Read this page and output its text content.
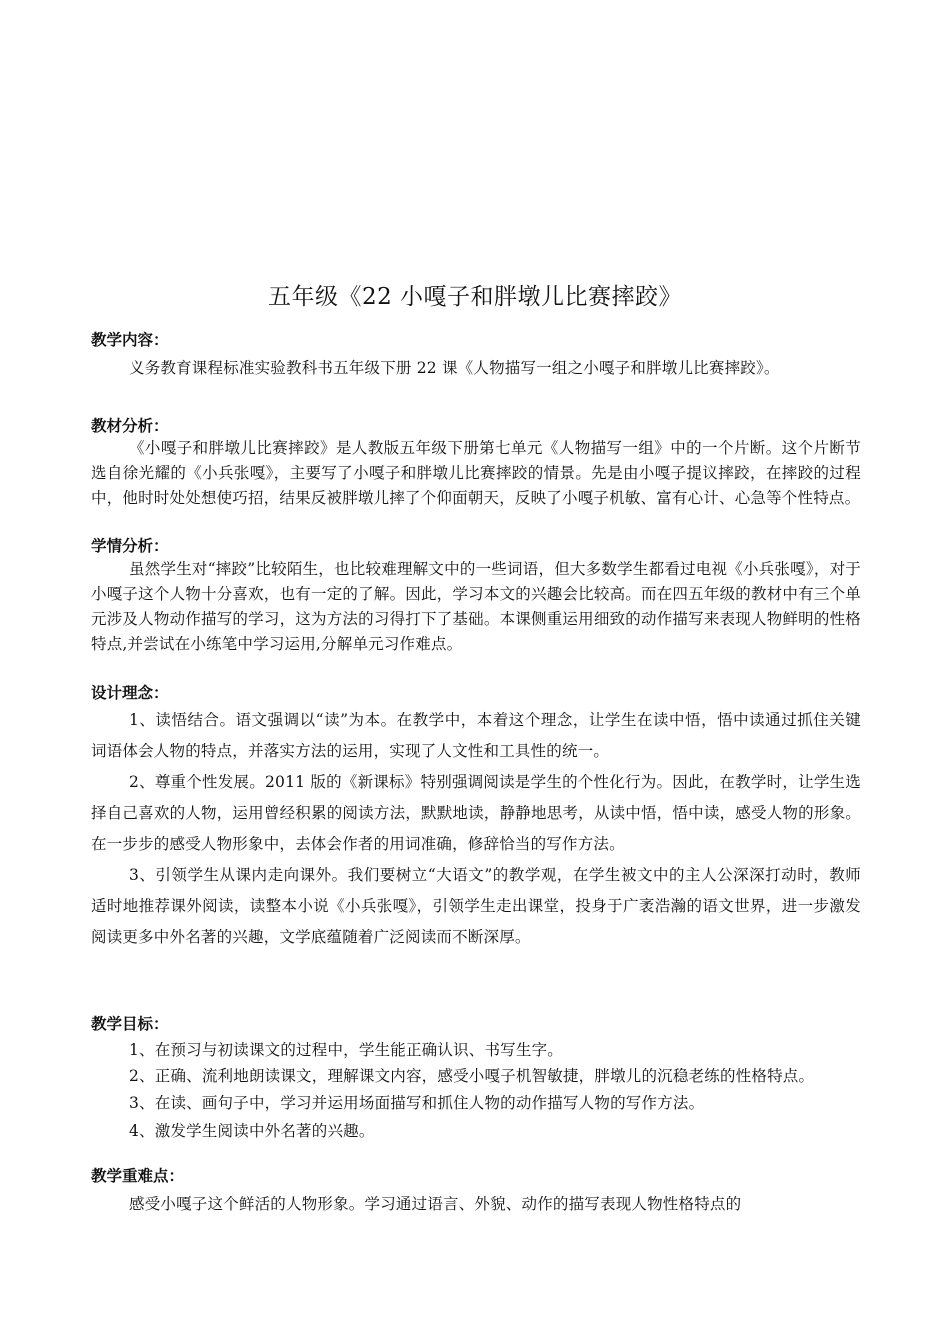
五年级《22 小嘎子和胖墩儿比赛摔跤》
教学内容：

义务教育课程标准实验教科书五年级下册 22 课《人物描写一组之小嘎子和胖墩儿比赛摔跤》。

教材分析：

《小嘎子和胖墩儿比赛摔跤》是人教版五年级下册第七单元《人物描写一组》中的一个片断。这个片断节选自徐光耀的《小兵张嘎》，主要写了小嘎子和胖墩儿比赛摔跤的情景。先是由小嘎子提议摔跤，在摔跤的过程中，他时时处处想使巧招，结果反被胖墩儿摔了个仰面朝天，反映了小嘎子机敏、富有心计、心急等个性特点。

学情分析：

虽然学生对“摔跤”比较陌生，也比较难理解文中的一些词语，但大多数学生都看过电视《小兵张嘎》，对于小嘎子这个人物十分喜欢，也有一定的了解。因此，学习本文的兴趣会比较高。而在四五年级的教材中有三个单元涉及人物动作描写的学习，这为方法的习得打下了基础。本课侧重运用细致的动作描写来表现人物鲜明的性格特点,并尝试在小练笔中学习运用,分解单元习作难点。

设计理念：

1、读悟结合。语文强调以“读”为本。在教学中，本着这个理念，让学生在读中悟，悟中读通过抓住关键词语体会人物的特点，并落实方法的运用，实现了人文性和工具性的统一。

2、尊重个性发展。2011 版的《新课标》特别强调阅读是学生的个性化行为。因此，在教学时，让学生选择自己喜欢的人物，运用曾经积累的阅读方法，默默地读，静静地思考，从读中悟，悟中读，感受人物的形象。在一步步的感受人物形象中，去体会作者的用词准确，修辞恰当的写作方法。

3、引领学生从课内走向课外。我们要树立“大语文”的教学观，在学生被文中的主人公深深打动时，教师适时地推荐课外阅读，读整本小说《小兵张嘎》，引领学生走出课堂，投身于广袤浩瀚的语文世界，进一步激发阅读更多中外名著的兴趣，文学底蕴随着广泛阅读而不断深厚。

教学目标：

1、在预习与初读课文的过程中，学生能正确认识、书写生字。

2、正确、流利地朗读课文，理解课文内容，感受小嘎子机智敏捷，胖墩儿的沉稳老练的性格特点。

3、在读、画句子中，学习并运用场面描写和抓住人物的动作描写人物的写作方法。

4、激发学生阅读中外名著的兴趣。

教学重难点：

感受小嘎子这个鲜活的人物形象。学习通过语言、外貌、动作的描写表现人物性格特点的
